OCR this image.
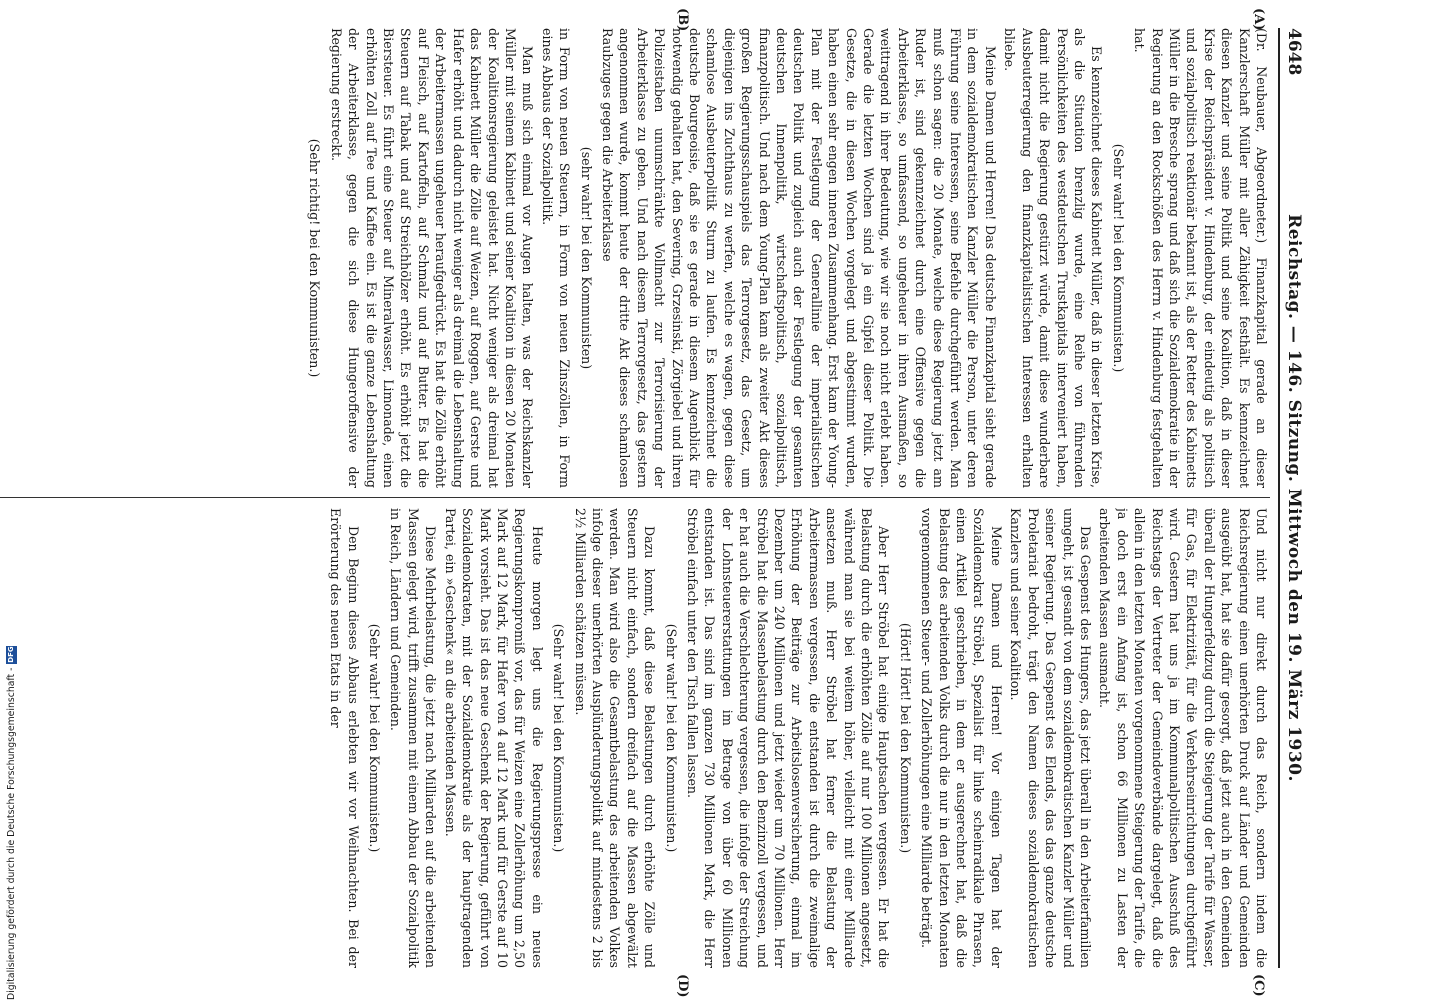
4648
Reichstag. — 146. Sitzung. Mittwoch den 19. März 1930.
(A)
(B)
(C)
(D)

(Dr. Neubauer, Abgeordneter.) Finanzkapital gerade an dieser Kanzlerschaft Müller mit aller Zähigkeit festhält. Es kennzeichnet diesen Kanzler und seine Politik und seine Koalition, daß in dieser Krise der Reichspräsident v. Hindenburg, der eindeutig als politisch und sozialpolitisch reaktionär bekannt ist, als der Retter des Kabinetts Müller in die Bresche sprang und daß sich die Sozialdemokratie in der Regierung an den Rockschößen des Herrn v. Hindenburg festgehalten hat.

(Sehr wahr! bei den Kommunisten.)

Es kennzeichnet dieses Kabinett Müller, daß in dieser letzten Krise, als die Situation brenzlig wurde, eine Reihe von führenden Persönlichkeiten des westdeutschen Trustkapitals interveniert haben, damit nicht die Regierung gestürzt würde, damit diese wunderbare Ausbeuterregierung den finanzkapitalistischen Interessen erhalten bliebe.

Meine Damen und Herren! Das deutsche Finanzkapital sieht gerade in dem sozialdemokratischen Kanzler Müller die Person, unter deren Führung seine Interessen, seine Befehle durchgeführt werden. Man muß schon sagen: die 20 Monate, welche diese Regierung jetzt am Ruder ist, sind gekennzeichnet durch eine Offensive gegen die Arbeiterklasse, so umfassend, so ungeheuer in ihren Ausmaßen, so weittragend in ihrer Bedeutung, wie wir sie noch nicht erlebt haben. Gerade die letzten Wochen sind ja ein Gipfel dieser Politik. Die Gesetze, die in diesen Wochen vorgelegt und abgestimmt wurden, haben einen sehr engen inneren Zusammenhang. Erst kam der Young-Plan mit der Festlegung der Generallinie der imperialistischen deutschen Politik und zugleich auch der Festlegung der gesamten deutschen Innenpolitik, wirtschaftspolitisch, sozialpolitisch, finanzpolitisch. Und nach dem Young-Plan kam als zweiter Akt dieses großen Regierungsschauspiels das Terrorgesetz, das Gesetz, um diejenigen ins Zuchthaus zu werfen, welche es wagen, gegen diese schamlose Ausbeuterpolitik Sturm zu laufen. Es kennzeichnet die deutsche Bourgeoisie, daß sie es gerade in diesem Augenblick für notwendig gehalten hat, den Severing, Grzesinski, Zörgiebel und ihren Polizeistaben unumschränkte Vollmacht zur Terrorisierung der Arbeiterklasse zu geben. Und nach diesem Terrorgesetz, das gestern angenommen wurde, kommt heute der dritte Akt dieses schamlosen Raubzuges gegen die Arbeiterklasse

(sehr wahr! bei den Kommunisten)

in Form von neuen Steuern, in Form von neuen Zinszöllen, in Form eines Abbaus der Sozialpolitik.

Man muß sich einmal vor Augen halten, was der Reichskanzler Müller mit seinem Kabinett und seiner Koalition in diesen 20 Monaten der Koalitionsregierung geleistet hat. Nicht weniger als dreimal hat das Kabinett Müller die Zölle auf Weizen, auf Roggen, auf Gerste und Hafer erhöht und dadurch nicht weniger als dreimal die Lebenshaltung der Arbeitermassen ungeheuer heraufgedrückt. Es hat die Zölle erhöht auf Fleisch, auf Kartoffeln, auf Schmalz und auf Butter. Es hat die Steuern auf Tabak und auf Streichhölzer erhöht. Es erhöht jetzt die Biersteuer. Es führt eine Steuer auf Mineralwasser, Limonade, einen erhöhten Zoll auf Tee und Kaffee ein. Es ist die ganze Lebenshaltung der Arbeiterklasse, gegen die sich diese Hungeroffensive der Regierung erstreckt.

(Sehr richtig! bei den Kommunisten.)

Und nicht nur direkt durch das Reich, sondern indem die Reichsregierung einen unerhörten Druck auf Länder und Gemeinden ausgeübt hat, hat sie dafür gesorgt, daß jetzt auch in den Gemeinden überall der Hungerfeldzug durch die Steigerung der Tarife für Wasser, für Gas, für Elektrizität, für die Verkehrseinrichtungen durchgeführt wird. Gestern hat uns ja im Kommunalpolitischen Ausschuß des Reichstags der Vertreter der Gemeindeverbände dargelegt, daß die allein in den letzten Monaten vorgenommene Steigerung der Tarife, die ja doch erst ein Anfang ist, schon 66 Millionen zu Lasten der arbeitenden Massen ausmacht.

Das Gespenst des Hungers, das jetzt überall in den Arbeiterfamilien umgeht, ist gesandt von dem sozialdemokratischen Kanzler Müller und seiner Regierung. Das Gespenst des Elends, das das ganze deutsche Proletariat bedroht, trägt den Namen dieses sozialdemokratischen Kanzlers und seiner Koalition.

Meine Damen und Herren! Vor einigen Tagen hat der Sozialdemokrat Ströbel, Spezialist für linke scheinradikale Phrasen, einen Artikel geschrieben, in dem er ausgerechnet hat, daß die Belastung des arbeitenden Volks durch die nur in den letzten Monaten vorgenommenen Steuer- und Zollerhöhungen eine Milliarde beträgt.

(Hört! Hört! bei den Kommunisten.)

Aber Herr Ströbel hat einige Hauptsachen vergessen. Er hat die Belastung durch die erhöhten Zölle auf nur 100 Millionen angesetzt, während man sie bei weitem höher, vielleicht mit einer Milliarde ansetzen muß. Herr Ströbel hat ferner die Belastung der Arbeitermassen vergessen, die entstanden ist durch die zweimalige Erhöhung der Beiträge zur Arbeitslosenversicherung, einmal im Dezember um 240 Millionen und jetzt wieder um 70 Millionen. Herr Ströbel hat die Massenbelastung durch den Benzinzoll vergessen, und er hat auch die Verschlechterung vergessen, die infolge der Streichung der Lohnsteuererstattungen im Betrage von über 60 Millionen entstanden ist. Das sind im ganzen 730 Millionen Mark, die Herr Ströbel einfach unter den Tisch fallen lassen.

(Sehr wahr! bei den Kommunisten.)

Dazu kommt, daß diese Belastungen durch erhöhte Zölle und Steuern nicht einfach, sondern dreifach auf die Massen abgewälzt werden. Man wird also die Gesamtbelastung des arbeitenden Volkes infolge dieser unerhörten Ausplünderungspolitik auf mindestens 2 bis 2½ Milliarden schätzen müssen.

(Sehr wahr! bei den Kommunisten.)

Heute morgen legt uns die Regierungspresse ein neues Regierungskompromiß vor, das für Weizen eine Zollerhöhung um 2,50 Mark auf 12 Mark, für Hafer von 4 auf 12 Mark und für Gerste auf 10 Mark vorsieht. Das ist das neue Geschenk der Regierung, geführt von Sozialdemokraten, mit der Sozialdemokratie als der hauptragenden Partei, ein »Geschenk« an die arbeitenden Massen.

Diese Mehrbelastung, die jetzt nach Milliarden auf die arbeitenden Massen gelegt wird, trifft zusammen mit einem Abbau der Sozialpolitik in Reich, Ländern und Gemeinden.

(Sehr wahr! bei den Kommunisten.)

Den Beginn dieses Abbaus erlebten wir vor Weihnachten. Bei der Erörterung des neuen Etats in der

Digitalisierung gefördert durch die Deutsche Forschungsgemeinschaft -
DFG
